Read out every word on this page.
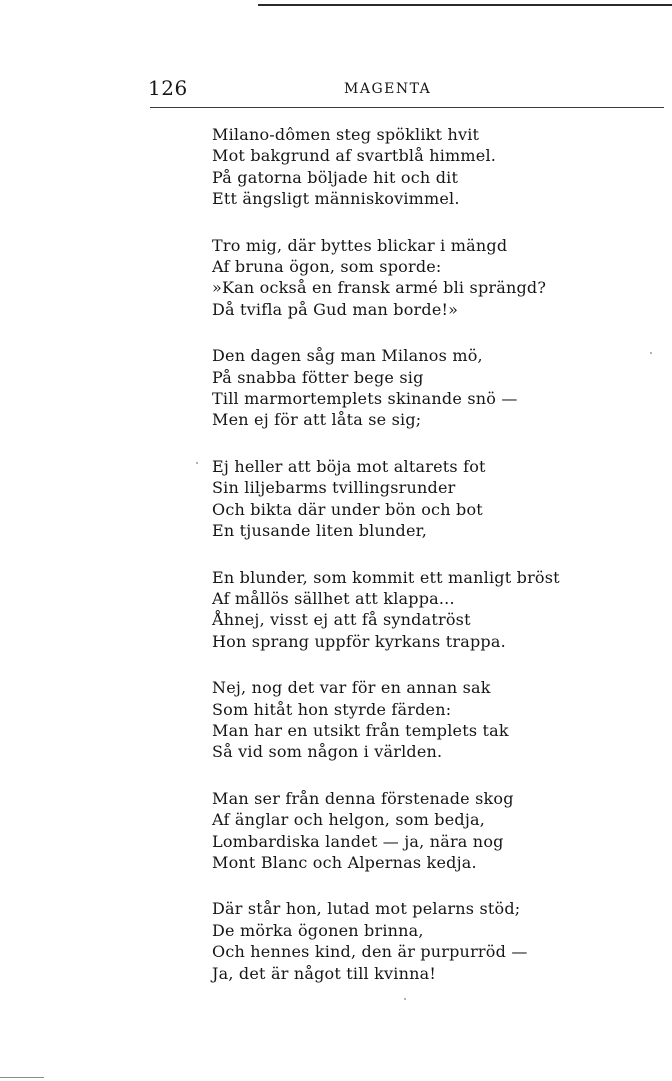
126	MAGENTA
Milano-dômen steg spöklikt hvit
Mot bakgrund af svartblå himmel.
På gatorna böljade hit och dit
Ett ängsligt människovimmel.
Tro mig, där byttes blickar i mängd
Af bruna ögon, som sporde:
»Kan också en fransk armé bli sprängd?
Då tvifla på Gud man borde!»
Den dagen såg man Milanos mö,
På snabba fötter bege sig
Till marmortemplets skinande snö —
Men ej för att låta se sig;
Ej heller att böja mot altarets fot
Sin liljebarms tvillingsrunder
Och bikta där under bön och bot
En tjusande liten blunder,
En blunder, som kommit ett manligt bröst
Af mållös sällhet att klappa...
Åhnej, visst ej att få syndatröst
Hon sprang uppför kyrkans trappa.
Nej, nog det var för en annan sak
Som hitåt hon styrde färden:
Man har en utsikt från templets tak
Så vid som någon i världen.
Man ser från denna förstenade skog
Af änglar och helgon, som bedja,
Lombardiska landet — ja, nära nog
Mont Blanc och Alpernas kedja.
Där står hon, lutad mot pelarns stöd;
De mörka ögonen brinna,
Och hennes kind, den är purpurröd —
Ja, det är något till kvinna!
